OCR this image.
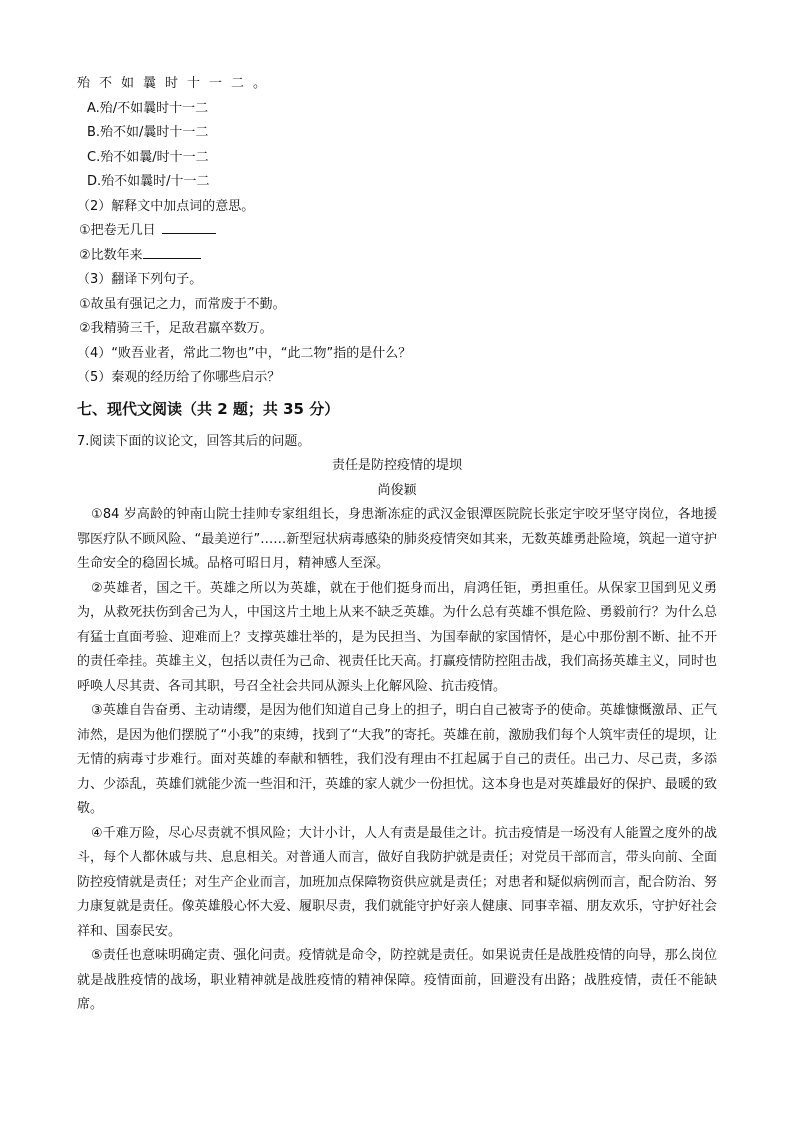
殆不如曩时十一二。
A.殆/不如曩时十一二
B.殆不如/曩时十一二
C.殆不如曩/时十一二
D.殆不如曩时/十一二
（2）解释文中加点词的意思。
①把卷无几日
②比数年来
（3）翻译下列句子。
①故虽有强记之力，而常废于不勤。
②我精骑三千，足敌君羸卒数万。
（4）“败吾业者，常此二物也”中，“此二物”指的是什么？
（5）秦观的经历给了你哪些启示？
七、现代文阅读（共 2 题；共 35 分）
7.阅读下面的议论文，回答其后的问题。
责任是防控疫情的堤坝
尚俊颖
①84 岁高龄的钟南山院士挂帅专家组组长，身患渐冻症的武汉金银潭医院院长张定宇咬牙坚守岗位，各地援鄂医疗队不顾风险、“最美逆行”……新型冠状病毒感染的肺炎疫情突如其来，无数英雄勇赴险境，筑起一道守护生命安全的稳固长城。品格可昭日月，精神感人至深。
②英雄者，国之干。英雄之所以为英雄，就在于他们挺身而出，肩鸿任钜，勇担重任。从保家卫国到见义勇为，从救死扶伤到舍己为人，中国这片土地上从来不缺乏英雄。为什么总有英雄不惧危险、勇毅前行？为什么总有猛士直面考验、迎难而上？支撑英雄壮举的，是为民担当、为国奉献的家国情怀，是心中那份割不断、扯不开的责任牵挂。英雄主义，包括以责任为己命、视责任比天高。打赢疫情防控阻击战，我们高扬英雄主义，同时也呼唤人尽其责、各司其职，号召全社会共同从源头上化解风险、抗击疫情。
③英雄自告奋勇、主动请缨，是因为他们知道自己身上的担子，明白自己被寄予的使命。英雄慷慨激昂、正气沛然，是因为他们摆脱了“小我”的束缚，找到了“大我”的寄托。英雄在前，激励我们每个人筑牢责任的堤坝，让无情的病毒寸步难行。面对英雄的奉献和牺牲，我们没有理由不扛起属于自己的责任。出己力、尽己责，多添力、少添乱，英雄们就能少流一些泪和汗，英雄的家人就少一份担忧。这本身也是对英雄最好的保护、最暖的致敬。
④千难万险，尽心尽责就不惧风险；大计小计，人人有责是最佳之计。抗击疫情是一场没有人能置之度外的战斗，每个人都休戚与共、息息相关。对普通人而言，做好自我防护就是责任；对党员干部而言，带头向前、全面防控疫情就是责任；对生产企业而言，加班加点保障物资供应就是责任；对患者和疑似病例而言，配合防治、努力康复就是责任。像英雄般心怀大爱、履职尽责，我们就能守护好亲人健康、同事幸福、朋友欢乐，守护好社会祥和、国泰民安。
⑤责任也意味明确定责、强化问责。疫情就是命令，防控就是责任。如果说责任是战胜疫情的向导，那么岗位就是战胜疫情的战场，职业精神就是战胜疫情的精神保障。疫情面前，回避没有出路；战胜疫情，责任不能缺席。
